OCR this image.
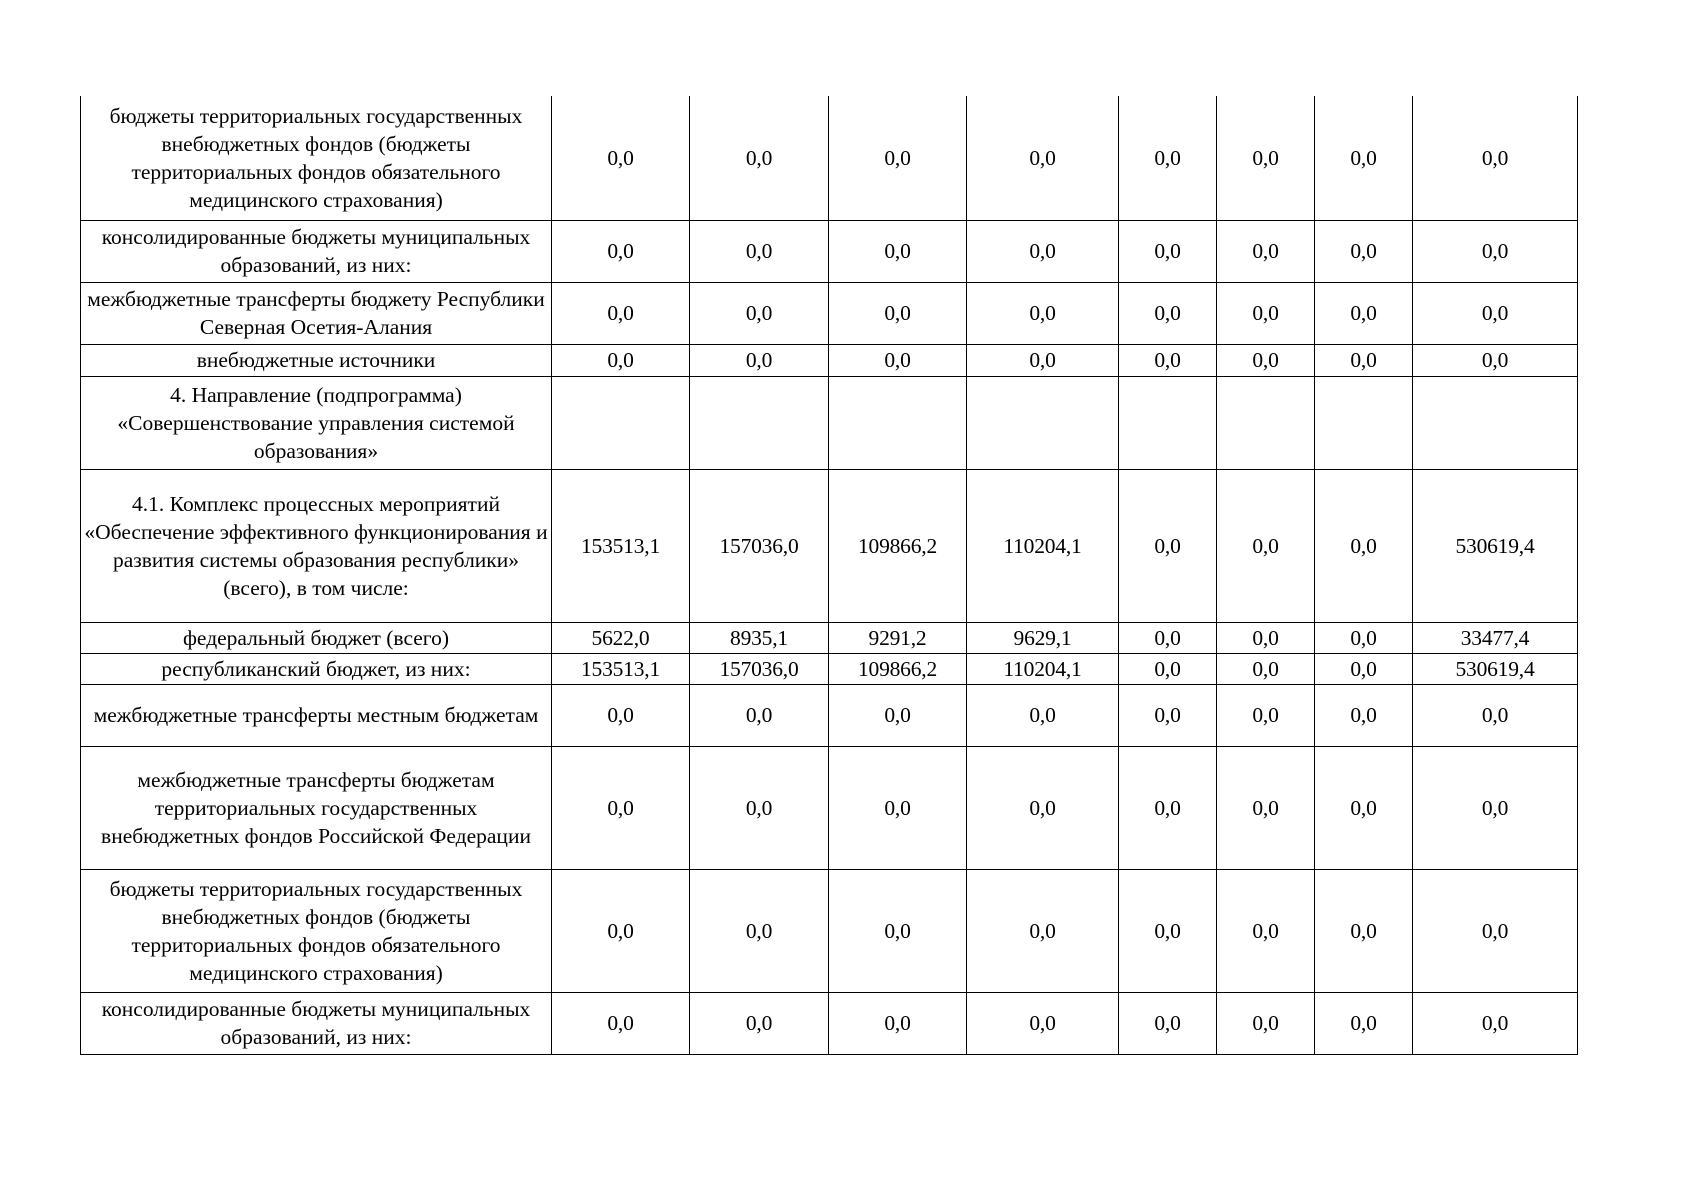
бюджеты территориальных государственных внебюджетных фондов (бюджеты территориальных фондов обязательного медицинского страхования)	0,0	0,0	0,0	0,0	0,0	0,0	0,0	0,0
консолидированные бюджеты муниципальных образований, из них:	0,0	0,0	0,0	0,0	0,0	0,0	0,0	0,0
межбюджетные трансферты бюджету Республики Северная Осетия-Алания	0,0	0,0	0,0	0,0	0,0	0,0	0,0	0,0
внебюджетные источники	0,0	0,0	0,0	0,0	0,0	0,0	0,0	0,0
4. Направление (подпрограмма) «Совершенствование управления системой образования»								
4.1. Комплекс процессных мероприятий «Обеспечение эффективного функционирования и развития системы образования республики» (всего), в том числе:	153513,1	157036,0	109866,2	110204,1	0,0	0,0	0,0	530619,4
федеральный бюджет (всего)	5622,0	8935,1	9291,2	9629,1	0,0	0,0	0,0	33477,4
республиканский бюджет, из них:	153513,1	157036,0	109866,2	110204,1	0,0	0,0	0,0	530619,4
межбюджетные трансферты местным бюджетам	0,0	0,0	0,0	0,0	0,0	0,0	0,0	0,0
межбюджетные трансферты бюджетам территориальных государственных внебюджетных фондов Российской Федерации	0,0	0,0	0,0	0,0	0,0	0,0	0,0	0,0
бюджеты территориальных государственных внебюджетных фондов (бюджеты территориальных фондов обязательного медицинского страхования)	0,0	0,0	0,0	0,0	0,0	0,0	0,0	0,0
консолидированные бюджеты муниципальных образований, из них:	0,0	0,0	0,0	0,0	0,0	0,0	0,0	0,0
